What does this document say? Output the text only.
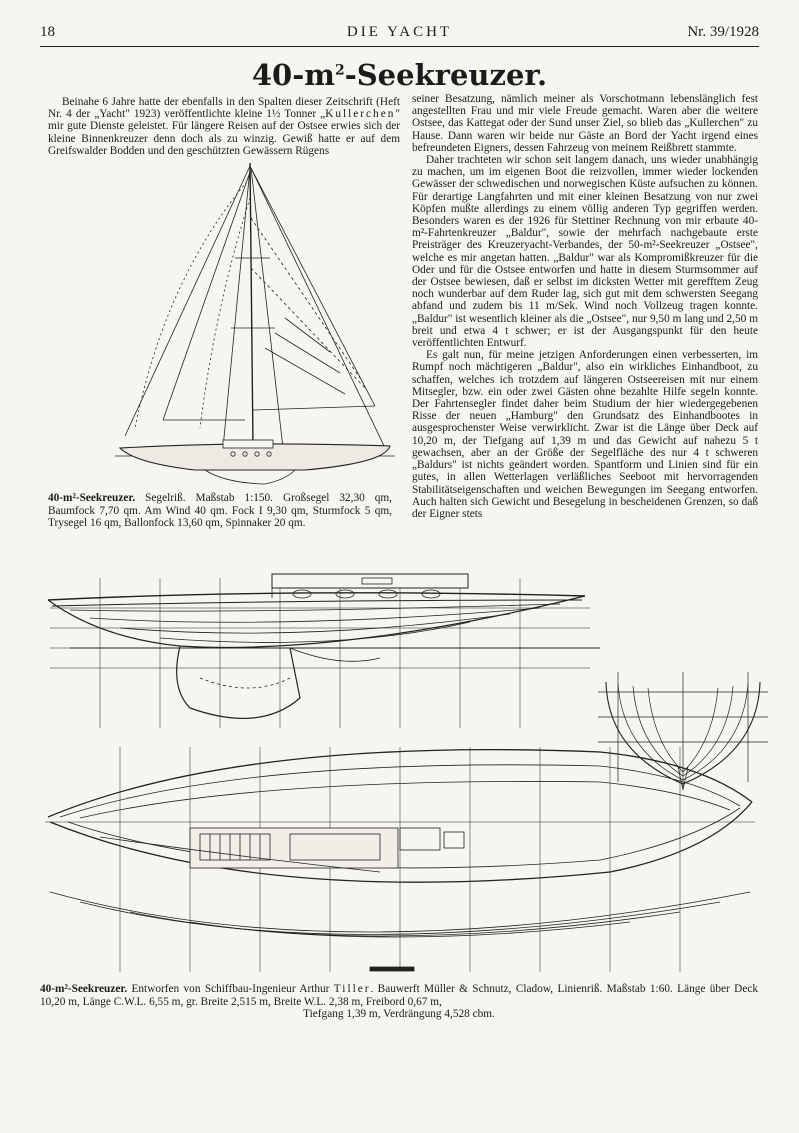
18	DIE YACHT	Nr. 39/1928
$40-m^2$-Seekreuzer.

Beinahe 6 Jahre hatte der ebenfalls in den Spalten dieser Zeitschrift (Heft Nr. 4 der „Yacht" 1923) veröffentlichte kleine 1½ Tonner „Kullerchen" mir gute Dienste geleistet. Für längere Reisen auf der Ostsee erwies sich der kleine Binnenkreuzer denn doch als zu winzig. Gewiß hatte er auf dem Greifswalder Bodden und den geschützten Gewässern Rügens

seiner Besatzung, nämlich meiner als Vorschotmann lebenslänglich fest angestellten Frau und mir viele Freude gemacht. Waren aber die weitere Ostsee, das Kattegat oder der Sund unser Ziel, so blieb das „Kullerchen" zu Hause. Dann waren wir beide nur Gäste an Bord der Yacht irgend eines befreundeten Eigners, dessen Fahrzeug von meinem Reißbrett stammte.

Daher trachteten wir schon seit langem danach, uns wieder unabhängig zu machen, um im eigenen Boot die reizvollen, immer wieder lockenden Gewässer der schwedischen und norwegischen Küste aufsuchen zu können. Für derartige Langfahrten und mit einer kleinen Besatzung von nur zwei Köpfen mußte allerdings zu einem völlig anderen Typ gegriffen werden. Besonders waren es der 1926 für Stettiner Rechnung von mir erbaute 40-m²-Fahrtenkreuzer „Baldur", sowie der mehrfach nachgebaute erste Preisträger des Kreuzeryacht-Verbandes, der 50-m²-Seekreuzer „Ostsee", welche es mir angetan hatten. „Baldur" war als Kompromißkreuzer für die Oder und für die Ostsee entworfen und hatte in diesem Sturmsommer auf der Ostsee bewiesen, daß er selbst im dicksten Wetter mit gerefftem Zeug noch wunderbar auf dem Ruder lag, sich gut mit dem schwersten Seegang abfand und zudem bis 11 m/Sek. Wind noch Vollzeug tragen konnte. „Baldur" ist wesentlich kleiner als die „Ostsee", nur 9,50 m lang und 2,50 m breit und etwa 4 t schwer; er ist der Ausgangspunkt für den heute veröffentlichten Entwurf.

Es galt nun, für meine jetzigen Anforderungen einen verbesserten, im Rumpf noch mächtigeren „Baldur", also ein wirkliches Einhandboot, zu schaffen, welches ich trotzdem auf längeren Ostseereisen mit nur einem Mitsegler, bzw. ein oder zwei Gästen ohne bezahlte Hilfe segeln konnte. Der Fahrtensegler findet daher beim Studium der hier wiedergegebenen Risse der neuen „Hamburg" den Grundsatz des Einhandbootes in ausgesprochenster Weise verwirklicht. Zwar ist die Länge über Deck auf 10,20 m, der Tiefgang auf 1,39 m und das Gewicht auf nahezu 5 t gewachsen, aber an der Größe der Segelfläche des nur 4 t schweren „Baldurs" ist nichts geändert worden. Spantform und Linien sind für ein gutes, in allen Wetterlagen verläßliches Seeboot mit hervorragenden Stabilitätseigenschaften und weichen Bewegungen im Seegang entworfen. Auch halten sich Gewicht und Besegelung in bescheidenen Grenzen, so daß der Eigner stets

40-m²-Seekreuzer. Segelriß. Maßstab 1:150. Großsegel 32,30 qm, Baumfock 7,70 qm. Am Wind 40 qm. Fock I 9,30 qm, Sturmfock 5 qm, Trysegel 16 qm, Ballonfock 13,60 qm, Spinnaker 20 qm.
40-m²-Seekreuzer. Entworfen von Schiffbau-Ingenieur Arthur Tiller. Bauwerft Müller & Schnutz, Cladow, Linienriß. Maßstab 1:60. Länge über Deck 10,20 m, Länge C.W.L. 6,55 m, gr. Breite 2,515 m, Breite W.L. 2,38 m, Freibord 0,67 m,
Tiefgang 1,39 m, Verdrängung 4,528 cbm.
